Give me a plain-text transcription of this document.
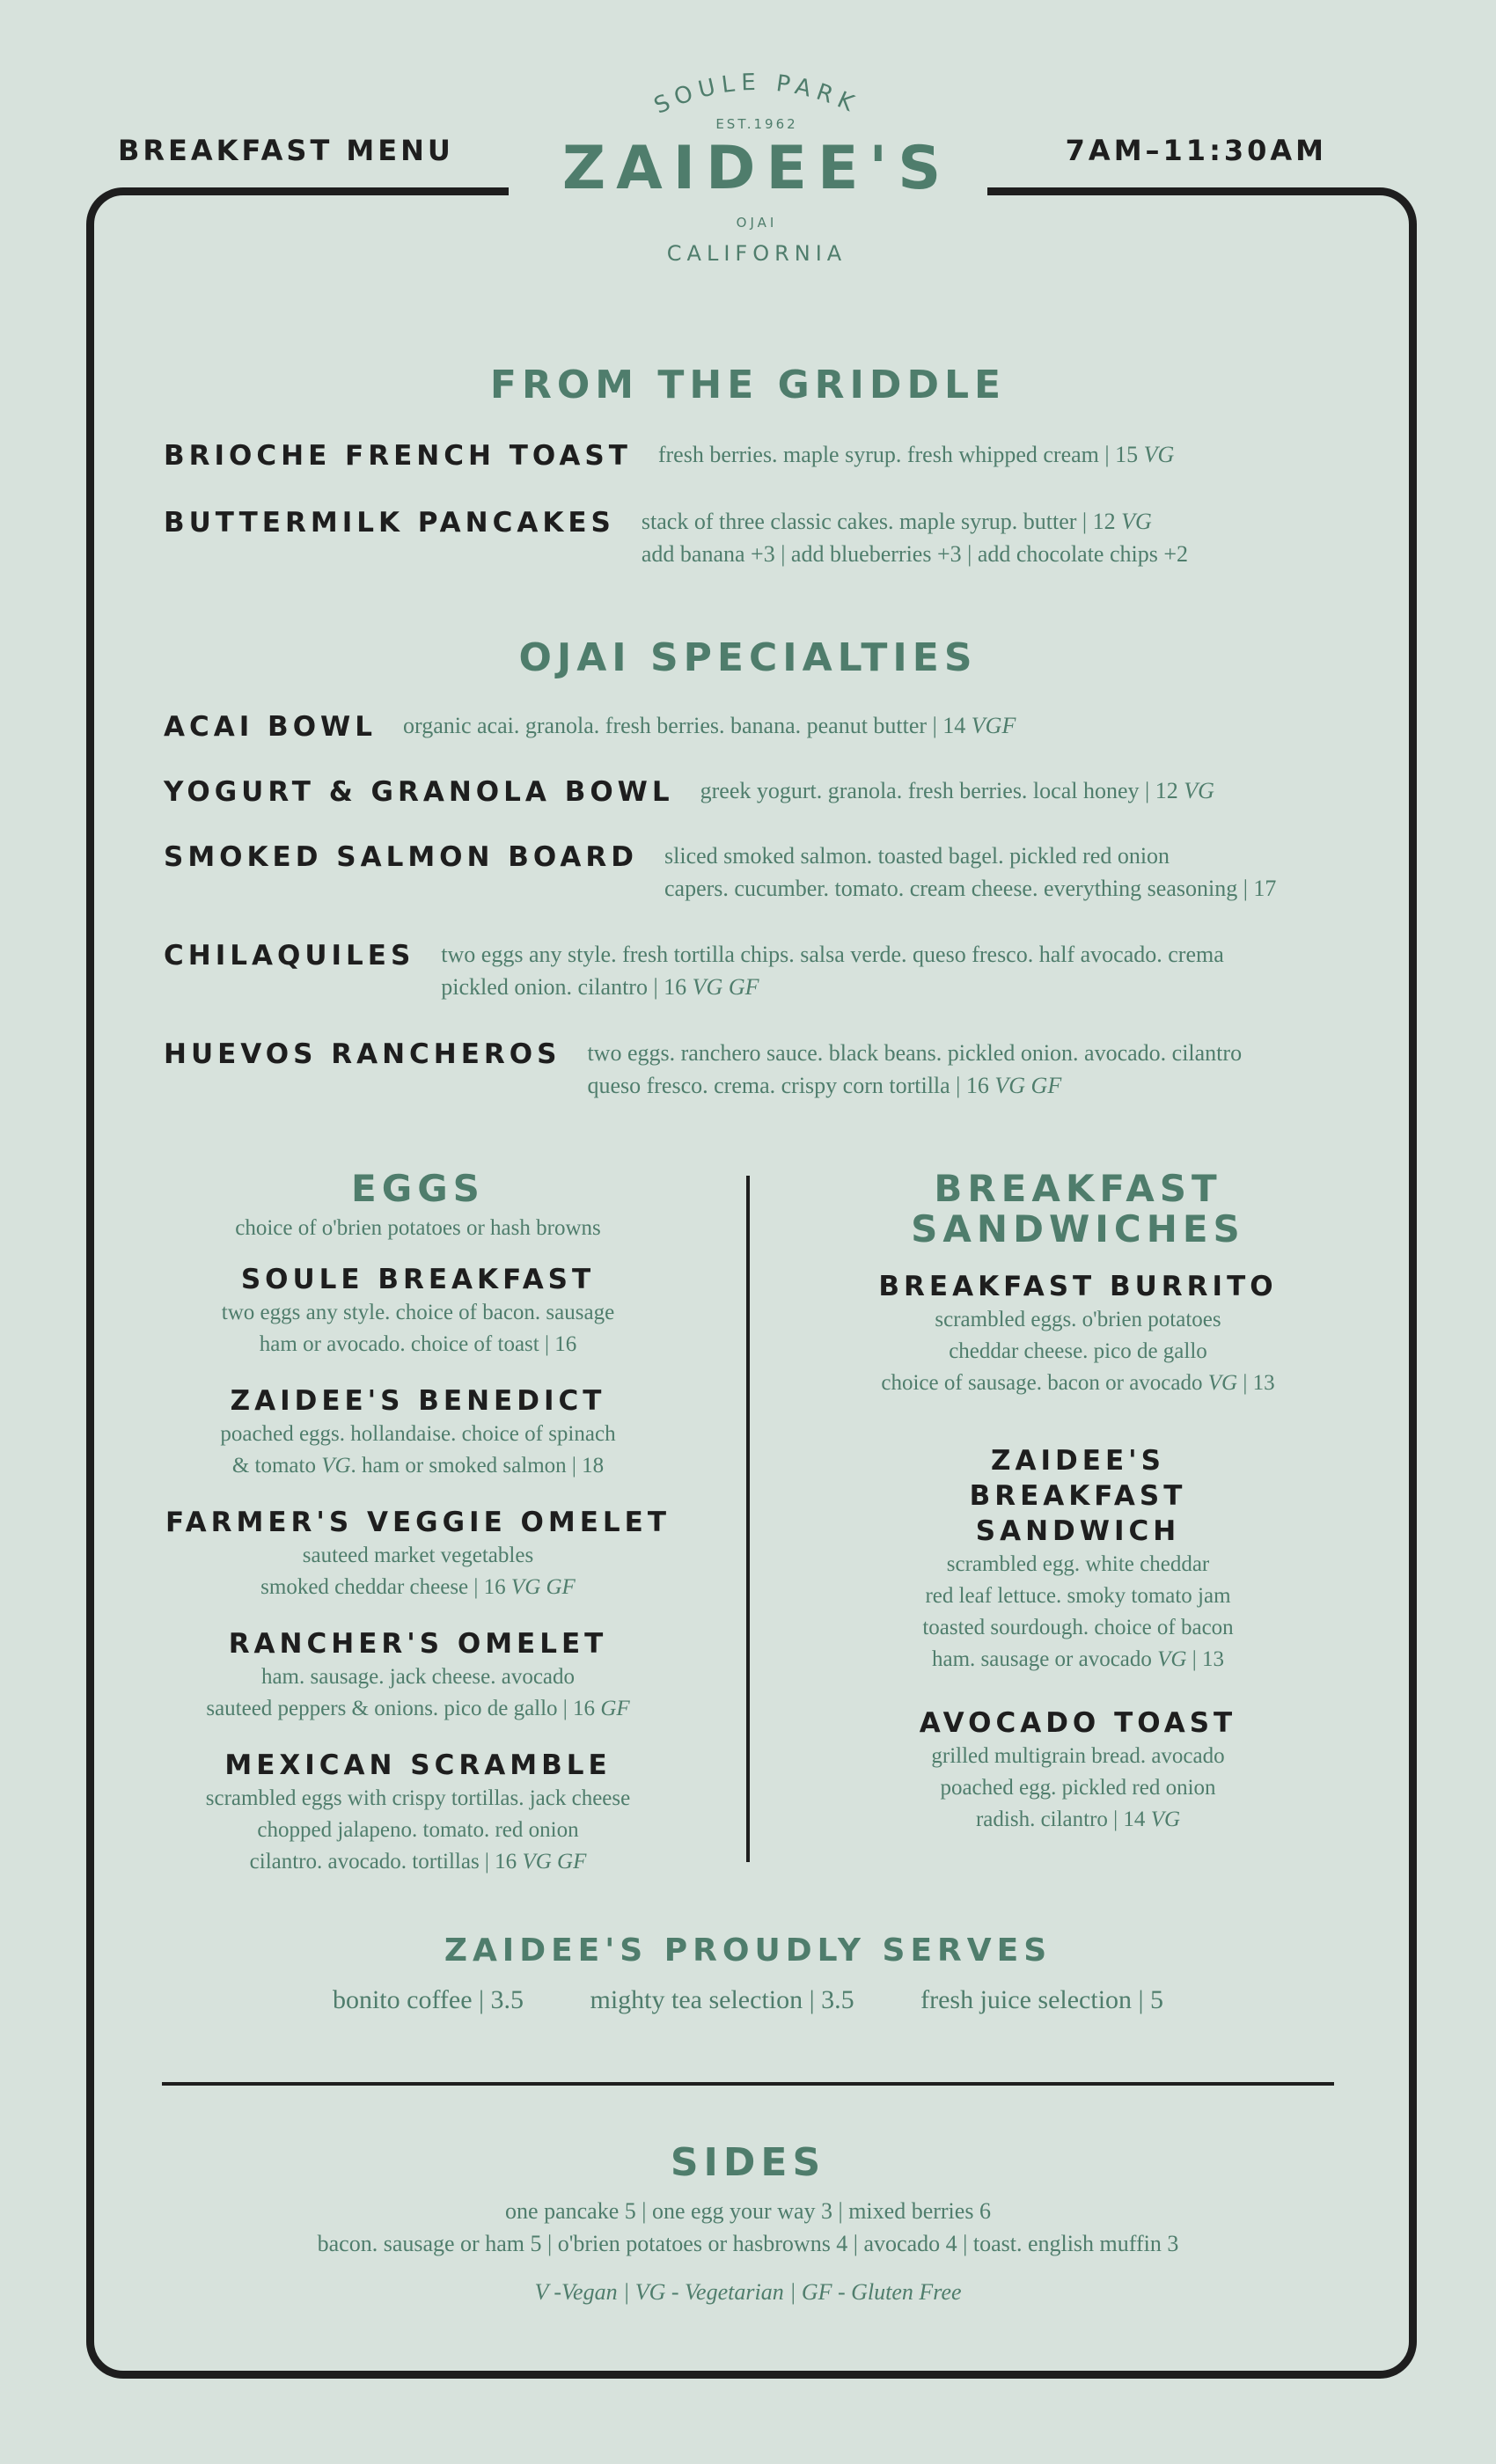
BREAKFAST MENU	7AM–11:30AM
SOULE PARK
EST.1962
ZAIDEE'S
OJAI
CALIFORNIA
FROM THE GRIDDLE
BRIOCHE FRENCH TOAST fresh berries. maple syrup. fresh whipped cream | 15 VG
BUTTERMILK PANCAKES stack of three classic cakes. maple syrup. butter | 12 VG
add banana +3 | add blueberries +3 | add chocolate chips +2
OJAI SPECIALTIES
ACAI BOWL organic acai. granola. fresh berries. banana. peanut butter | 14 VGF
YOGURT & GRANOLA BOWL greek yogurt. granola. fresh berries. local honey | 12 VG
SMOKED SALMON BOARD sliced smoked salmon. toasted bagel. pickled red onion
capers. cucumber. tomato. cream cheese. everything seasoning | 17
CHILAQUILES two eggs any style. fresh tortilla chips. salsa verde. queso fresco. half avocado. crema
pickled onion. cilantro | 16 VG GF
HUEVOS RANCHEROS two eggs. ranchero sauce. black beans. pickled onion. avocado. cilantro
queso fresco. crema. crispy corn tortilla | 16 VG GF
EGGS
choice of o'brien potatoes or hash browns
SOULE BREAKFAST
two eggs any style. choice of bacon. sausage
ham or avocado. choice of toast | 16
ZAIDEE'S BENEDICT
poached eggs. hollandaise. choice of spinach
& tomato VG. ham or smoked salmon | 18
FARMER'S VEGGIE OMELET
sauteed market vegetables
smoked cheddar cheese | 16 VG GF
RANCHER'S OMELET
ham. sausage. jack cheese. avocado
sauteed peppers & onions. pico de gallo | 16 GF
MEXICAN SCRAMBLE
scrambled eggs with crispy tortillas. jack cheese
chopped jalapeno. tomato. red onion
cilantro. avocado. tortillas | 16 VG GF
BREAKFAST
SANDWICHES
BREAKFAST BURRITO
scrambled eggs. o'brien potatoes
cheddar cheese. pico de gallo
choice of sausage. bacon or avocado VG | 13
ZAIDEE'S
BREAKFAST
SANDWICH
scrambled egg. white cheddar
red leaf lettuce. smoky tomato jam
toasted sourdough. choice of bacon
ham. sausage or avocado VG | 13
AVOCADO TOAST
grilled multigrain bread. avocado
poached egg. pickled red onion
radish. cilantro | 14 VG
ZAIDEE'S PROUDLY SERVES
bonito coffee | 3.5	mighty tea selection | 3.5	fresh juice selection | 5
SIDES
one pancake 5 | one egg your way 3 | mixed berries 6
bacon. sausage or ham 5 | o'brien potatoes or hasbrowns 4 | avocado 4 | toast. english muffin 3
V -Vegan | VG - Vegetarian | GF - Gluten Free
